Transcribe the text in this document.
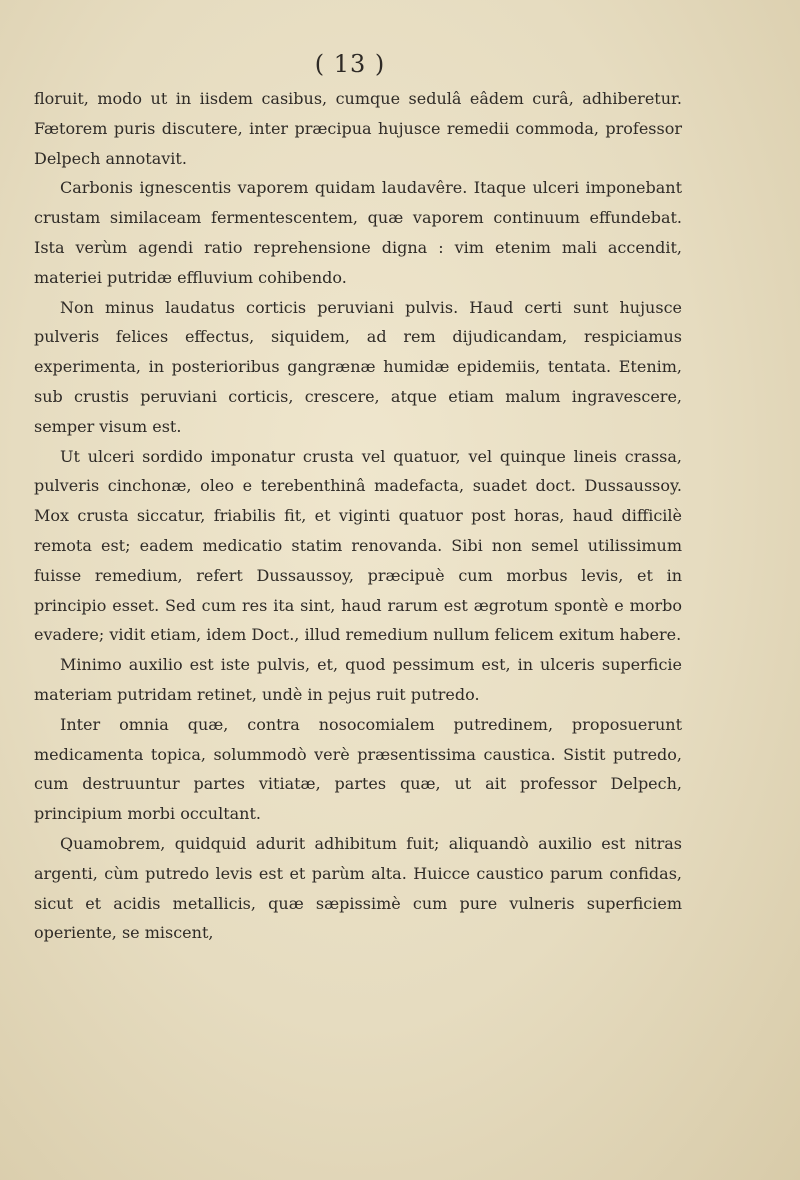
( 13 )

floruit, modo ut in iisdem casibus, cumque sedulâ eâdem curâ, adhiberetur. Fætorem puris discutere, inter præcipua hujusce remedii commoda, professor Delpech annotavit.

Carbonis ignescentis vaporem quidam laudavêre. Itaque ulceri imponebant crustam similaceam fermentescentem, quæ vaporem continuum effundebat. Ista verùm agendi ratio reprehensione digna : vim etenim mali accendit, materiei putridæ effluvium cohibendo.

Non minus laudatus corticis peruviani pulvis. Haud certi sunt hujusce pulveris felices effectus, siquidem, ad rem dijudicandam, respiciamus experimenta, in posterioribus gangrænæ humidæ epidemiis, tentata. Etenim, sub crustis peruviani corticis, crescere, atque etiam malum ingravescere, semper visum est.

Ut ulceri sordido imponatur crusta vel quatuor, vel quinque lineis crassa, pulveris cinchonæ, oleo e terebenthinâ madefacta, suadet doct. Dussaussoy. Mox crusta siccatur, friabilis fit, et viginti quatuor post horas, haud difficilè remota est; eadem medicatio statim renovanda. Sibi non semel utilissimum fuisse remedium, refert Dussaussoy, præcipuè cum morbus levis, et in principio esset. Sed cum res ita sint, haud rarum est ægrotum spontè e morbo evadere; vidit etiam, idem Doct., illud remedium nullum felicem exitum habere.

Minimo auxilio est iste pulvis, et, quod pessimum est, in ulceris superficie materiam putridam retinet, undè in pejus ruit putredo.

Inter omnia quæ, contra nosocomialem putredinem, proposuerunt medicamenta topica, solummodò verè præsentissima caustica. Sistit putredo, cum destruuntur partes vitiatæ, partes quæ, ut ait professor Delpech, principium morbi occultant.

Quamobrem, quidquid adurit adhibitum fuit; aliquandò auxilio est nitras argenti, cùm putredo levis est et parùm alta. Huicce caustico parum confidas, sicut et acidis metallicis, quæ sæpissimè cum pure vulneris superficiem operiente, se miscent,
